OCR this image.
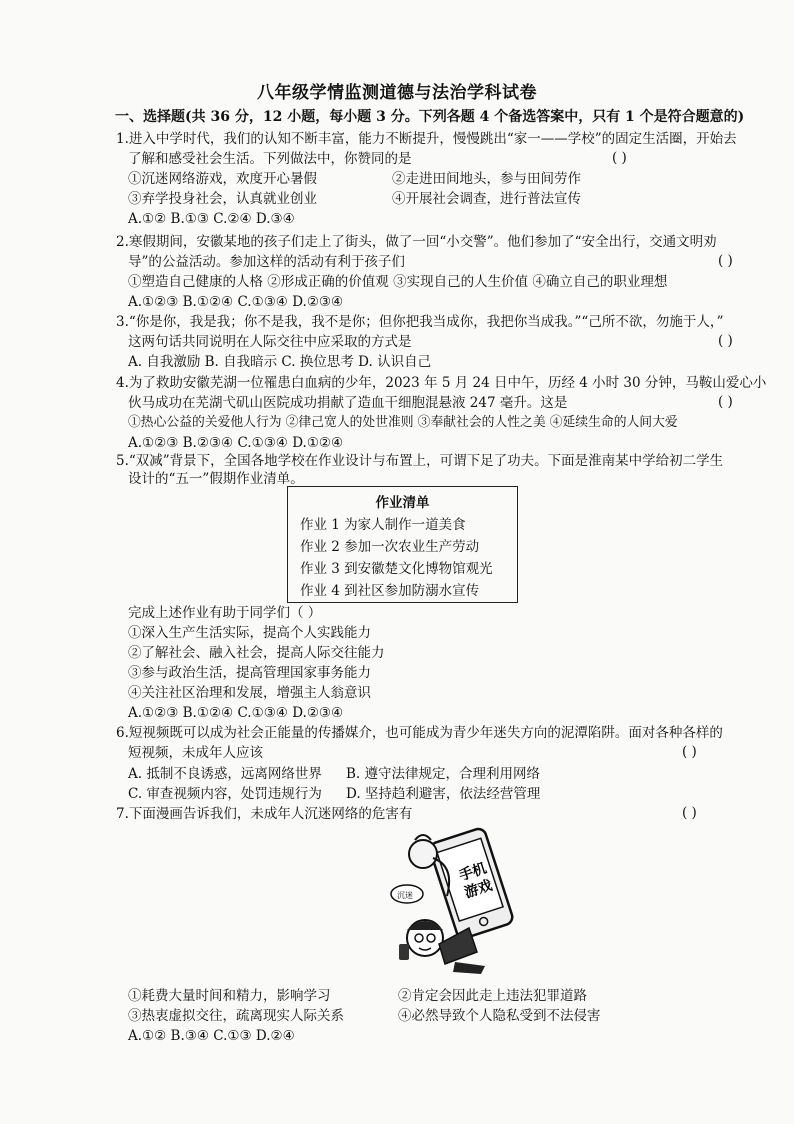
八年级学情监测道德与法治学科试卷
一、选择题(共 36 分，12 小题，每小题 3 分。下列各题 4 个备选答案中，只有 1 个是符合题意的)
1.进入中学时代，我们的认知不断丰富，能力不断提升，慢慢跳出“家一——学校”的固定生活圈，开始去
了解和感受社会生活。下列做法中，你赞同的是	( )
①沉迷网络游戏，欢度开心暑假	②走进田间地头，参与田间劳作
③弃学投身社会，认真就业创业	④开展社会调查，进行普法宣传
A.①② B.①③ C.②④ D.③④
2.寒假期间，安徽某地的孩子们走上了街头，做了一回“小交警”。他们参加了“安全出行，交通文明劝
导”的公益活动。参加这样的活动有利于孩子们	( )
①塑造自己健康的人格 ②形成正确的价值观 ③实现自己的人生价值 ④确立自己的职业理想
A.①②③ B.①②④ C.①③④ D.②③④
3.“你是你，我是我；你不是我，我不是你；但你把我当成你，我把你当成我。”“己所不欲，勿施于人，”
这两句话共同说明在人际交往中应采取的方式是	( )
A. 自我激励 B. 自我暗示 C. 换位思考 D. 认识自己
4.为了救助安徽芜湖一位罹患白血病的少年，2023 年 5 月 24 日中午，历经 4 小时 30 分钟，马鞍山爱心小
伙马成功在芜湖弋矶山医院成功捐献了造血干细胞混悬液 247 毫升。这是	( )
①热心公益的关爱他人行为 ②律己宽人的处世准则 ③奉献社会的人性之美 ④延续生命的人间大爱
A.①②③ B.②③④ C.①③④ D.①②④
5.“双减”背景下，全国各地学校在作业设计与布置上，可谓下足了功夫。下面是淮南某中学给初二学生
设计的“五一”假期作业清单。
作业清单
作业 1 为家人制作一道美食
作业 2 参加一次农业生产劳动
作业 3 到安徽楚文化博物馆观光
作业 4 到社区参加防溺水宣传
完成上述作业有助于同学们（ ）
①深入生产生活实际，提高个人实践能力
②了解社会、融入社会，提高人际交往能力
③参与政治生活，提高管理国家事务能力
④关注社区治理和发展，增强主人翁意识
A.①②③ B.①②④ C.①③④ D.②③④
6.短视频既可以成为社会正能量的传播媒介，也可能成为青少年迷失方向的泥潭陷阱。面对各种各样的
短视频，未成年人应该	( )
A. 抵制不良诱惑，远离网络世界 B. 遵守法律规定，合理利用网络
C. 审查视频内容，处罚违规行为 D. 坚持趋利避害，依法经营管理
7.下面漫画告诉我们，未成年人沉迷网络的危害有	( )
手机
游戏
沉迷
①耗费大量时间和精力，影响学习	②肯定会因此走上违法犯罪道路
③热衷虚拟交往，疏离现实人际关系	④必然导致个人隐私受到不法侵害
A.①② B.③④ C.①③ D.②④
